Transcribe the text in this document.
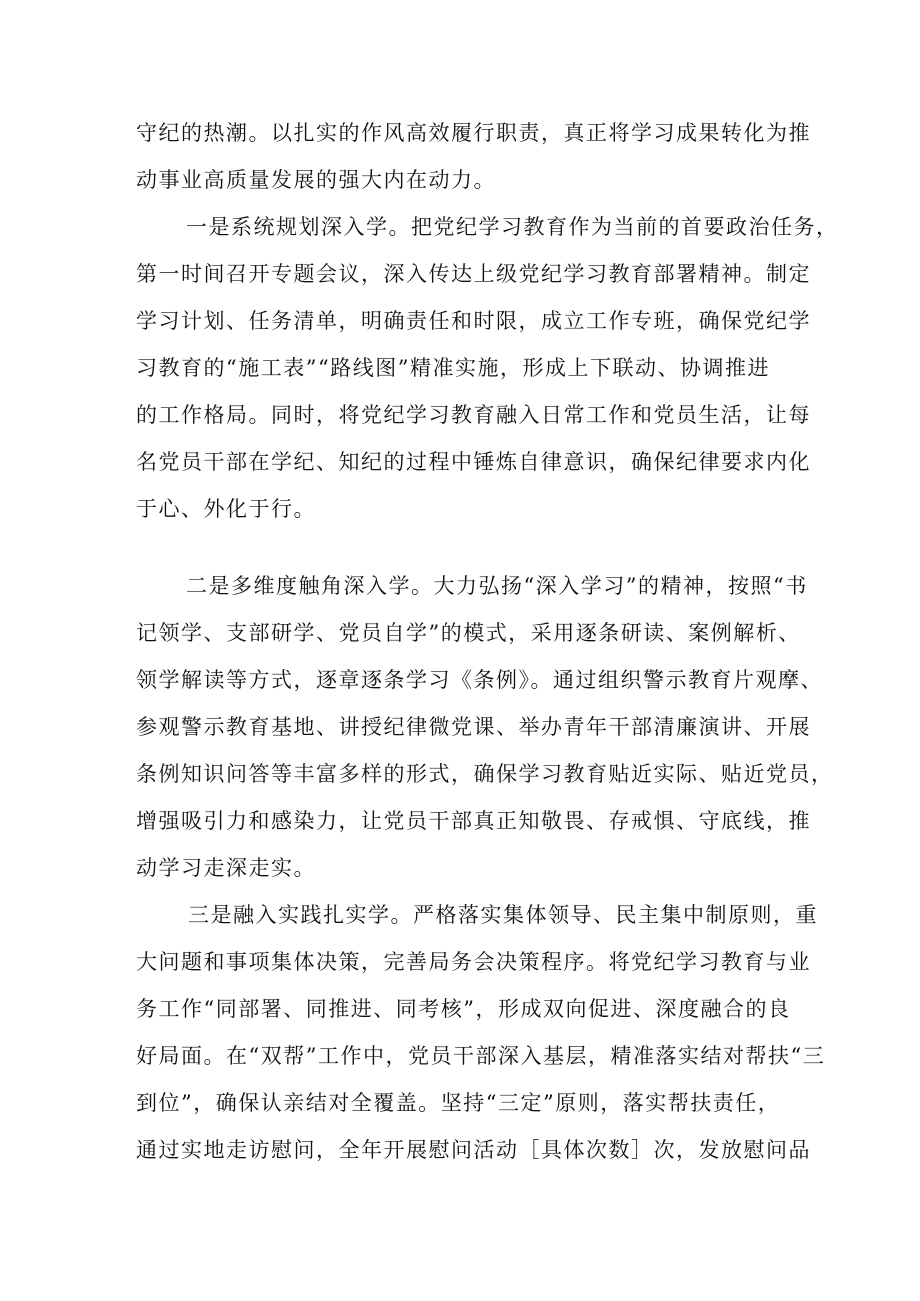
守纪的热潮。以扎实的作风高效履行职责，真正将学习成果转化为推
动事业高质量发展的强大内在动力。
一是系统规划深入学。把党纪学习教育作为当前的首要政治任务，
第一时间召开专题会议，深入传达上级党纪学习教育部署精神。制定
学习计划、任务清单，明确责任和时限，成立工作专班，确保党纪学
习教育的“施工表”“路线图”精准实施，形成上下联动、协调推进
的工作格局。同时，将党纪学习教育融入日常工作和党员生活，让每
名党员干部在学纪、知纪的过程中锤炼自律意识，确保纪律要求内化
于心、外化于行。
二是多维度触角深入学。大力弘扬“深入学习”的精神，按照“书
记领学、支部研学、党员自学”的模式，采用逐条研读、案例解析、
领学解读等方式，逐章逐条学习《条例》。通过组织警示教育片观摩、
参观警示教育基地、讲授纪律微党课、举办青年干部清廉演讲、开展
条例知识问答等丰富多样的形式，确保学习教育贴近实际、贴近党员，
增强吸引力和感染力，让党员干部真正知敬畏、存戒惧、守底线，推
动学习走深走实。
三是融入实践扎实学。严格落实集体领导、民主集中制原则，重
大问题和事项集体决策，完善局务会决策程序。将党纪学习教育与业
务工作“同部署、同推进、同考核”，形成双向促进、深度融合的良
好局面。在“双帮”工作中，党员干部深入基层，精准落实结对帮扶“三
到位”，确保认亲结对全覆盖。坚持“三定”原则，落实帮扶责任，
通过实地走访慰问，全年开展慰问活动［具体次数］次，发放慰问品
